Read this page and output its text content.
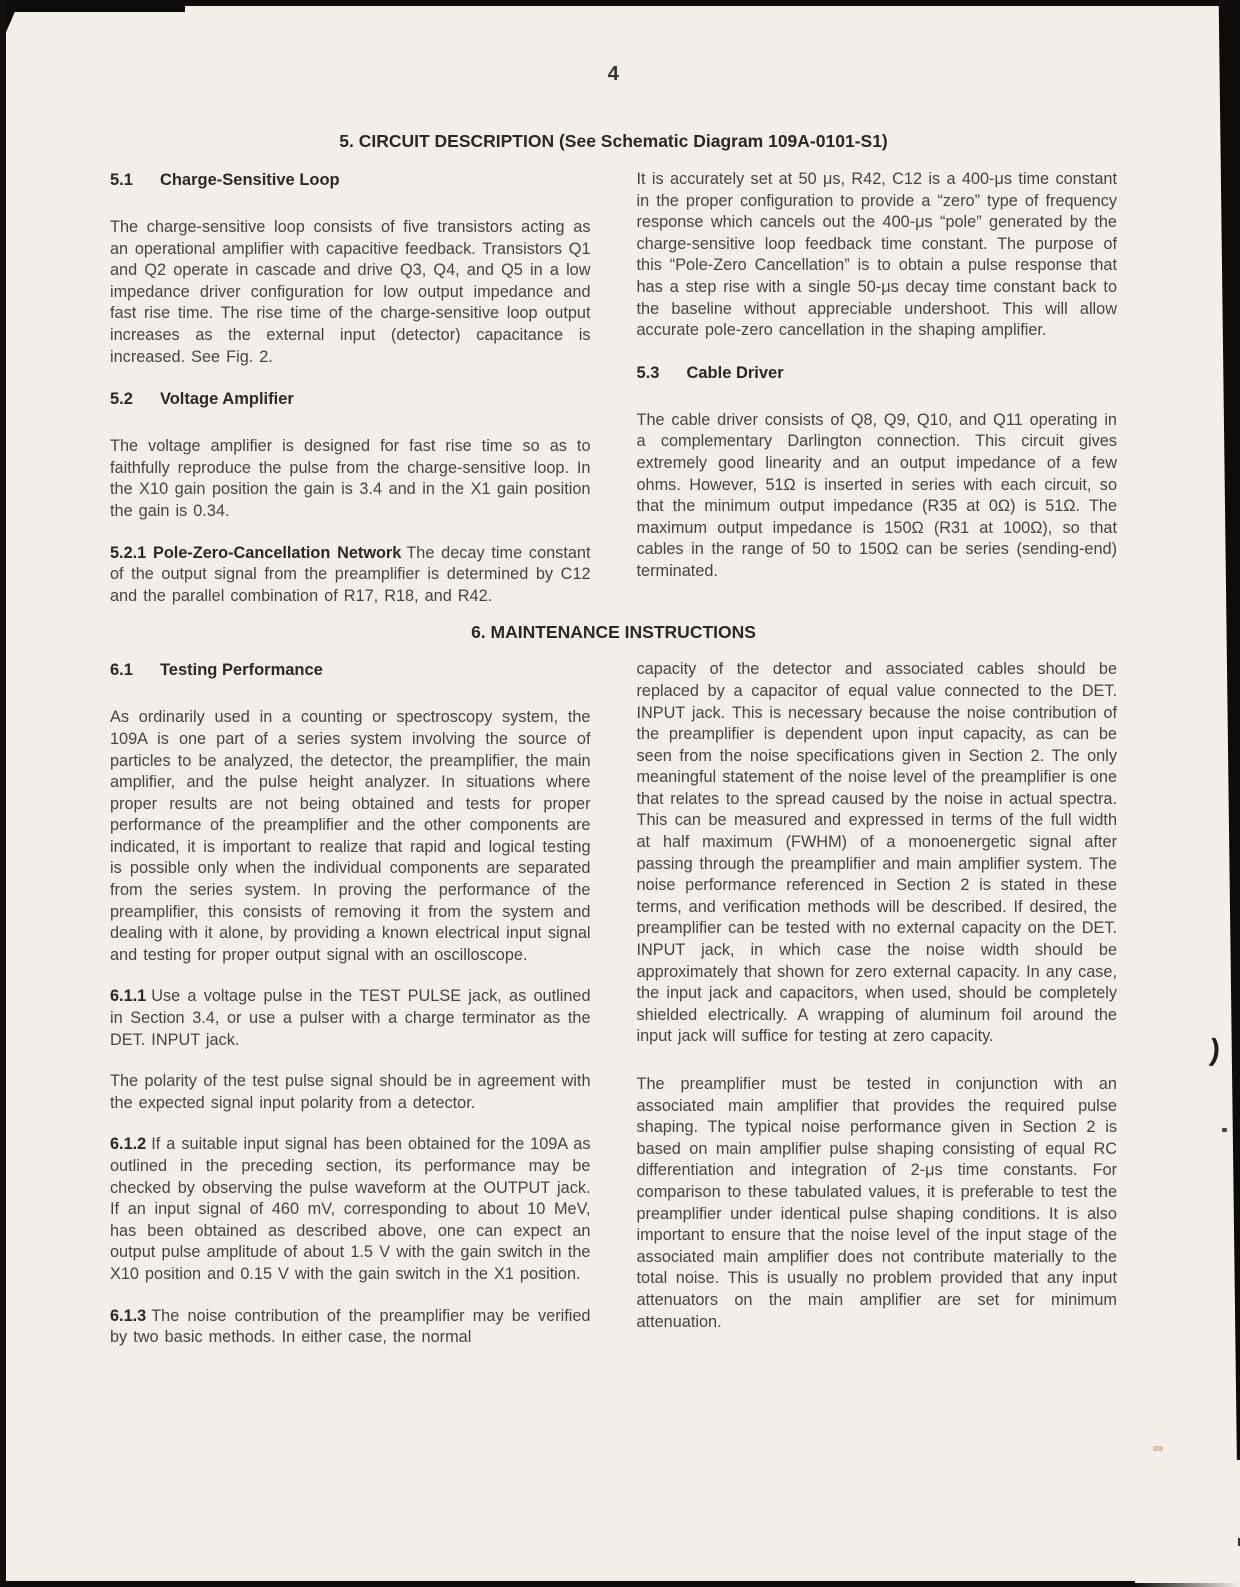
)
4
5. CIRCUIT DESCRIPTION (See Schematic Diagram 109A-0101-S1)
5.1 Charge-Sensitive Loop

The charge-sensitive loop consists of five transistors acting as an operational amplifier with capacitive feedback. Transistors Q1 and Q2 operate in cascade and drive Q3, Q4, and Q5 in a low impedance driver configuration for low output impedance and fast rise time. The rise time of the charge-sensitive loop output increases as the external input (detector) capacitance is increased. See Fig. 2.

5.2 Voltage Amplifier

The voltage amplifier is designed for fast rise time so as to faithfully reproduce the pulse from the charge-sensitive loop. In the X10 gain position the gain is 3.4 and in the X1 gain position the gain is 0.34.

5.2.1 Pole-Zero-Cancellation Network The decay time constant of the output signal from the preamplifier is determined by C12 and the parallel combination of R17, R18, and R42.

It is accurately set at 50 μs, R42, C12 is a 400-μs time constant in the proper configuration to provide a “zero” type of frequency response which cancels out the 400-μs “pole” generated by the charge-sensitive loop feedback time constant. The purpose of this “Pole-Zero Cancellation” is to obtain a pulse response that has a step rise with a single 50-μs decay time constant back to the baseline without appreciable undershoot. This will allow accurate pole-zero cancellation in the shaping amplifier.

5.3 Cable Driver

The cable driver consists of Q8, Q9, Q10, and Q11 operating in a complementary Darlington connection. This circuit gives extremely good linearity and an output impedance of a few ohms. However, 51Ω is inserted in series with each circuit, so that the minimum output impedance (R35 at 0Ω) is 51Ω. The maximum output impedance is 150Ω (R31 at 100Ω), so that cables in the range of 50 to 150Ω can be series (sending-end) terminated.

6. MAINTENANCE INSTRUCTIONS
6.1 Testing Performance

As ordinarily used in a counting or spectroscopy system, the 109A is one part of a series system involving the source of particles to be analyzed, the detector, the preamplifier, the main amplifier, and the pulse height analyzer. In situations where proper results are not being obtained and tests for proper performance of the preamplifier and the other components are indicated, it is important to realize that rapid and logical testing is possible only when the individual components are separated from the series system. In proving the performance of the preamplifier, this consists of removing it from the system and dealing with it alone, by providing a known electrical input signal and testing for proper output signal with an oscilloscope.

6.1.1 Use a voltage pulse in the TEST PULSE jack, as outlined in Section 3.4, or use a pulser with a charge terminator as the DET. INPUT jack.

The polarity of the test pulse signal should be in agreement with the expected signal input polarity from a detector.

6.1.2 If a suitable input signal has been obtained for the 109A as outlined in the preceding section, its performance may be checked by observing the pulse waveform at the OUTPUT jack. If an input signal of 460 mV, corresponding to about 10 MeV, has been obtained as described above, one can expect an output pulse amplitude of about 1.5 V with the gain switch in the X10 position and 0.15 V with the gain switch in the X1 position.

6.1.3 The noise contribution of the preamplifier may be verified by two basic methods. In either case, the normal

capacity of the detector and associated cables should be replaced by a capacitor of equal value connected to the DET. INPUT jack. This is necessary because the noise contribution of the preamplifier is dependent upon input capacity, as can be seen from the noise specifications given in Section 2. The only meaningful statement of the noise level of the preamplifier is one that relates to the spread caused by the noise in actual spectra. This can be measured and expressed in terms of the full width at half maximum (FWHM) of a monoenergetic signal after passing through the preamplifier and main amplifier system. The noise performance referenced in Section 2 is stated in these terms, and verification methods will be described. If desired, the preamplifier can be tested with no external capacity on the DET. INPUT jack, in which case the noise width should be approximately that shown for zero external capacity. In any case, the input jack and capacitors, when used, should be completely shielded electrically. A wrapping of aluminum foil around the input jack will suffice for testing at zero capacity.

The preamplifier must be tested in conjunction with an associated main amplifier that provides the required pulse shaping. The typical noise performance given in Section 2 is based on main amplifier pulse shaping consisting of equal RC differentiation and integration of 2-μs time constants. For comparison to these tabulated values, it is preferable to test the preamplifier under identical pulse shaping conditions. It is also important to ensure that the noise level of the input stage of the associated main amplifier does not contribute materially to the total noise. This is usually no problem provided that any input attenuators on the main amplifier are set for minimum attenuation.
